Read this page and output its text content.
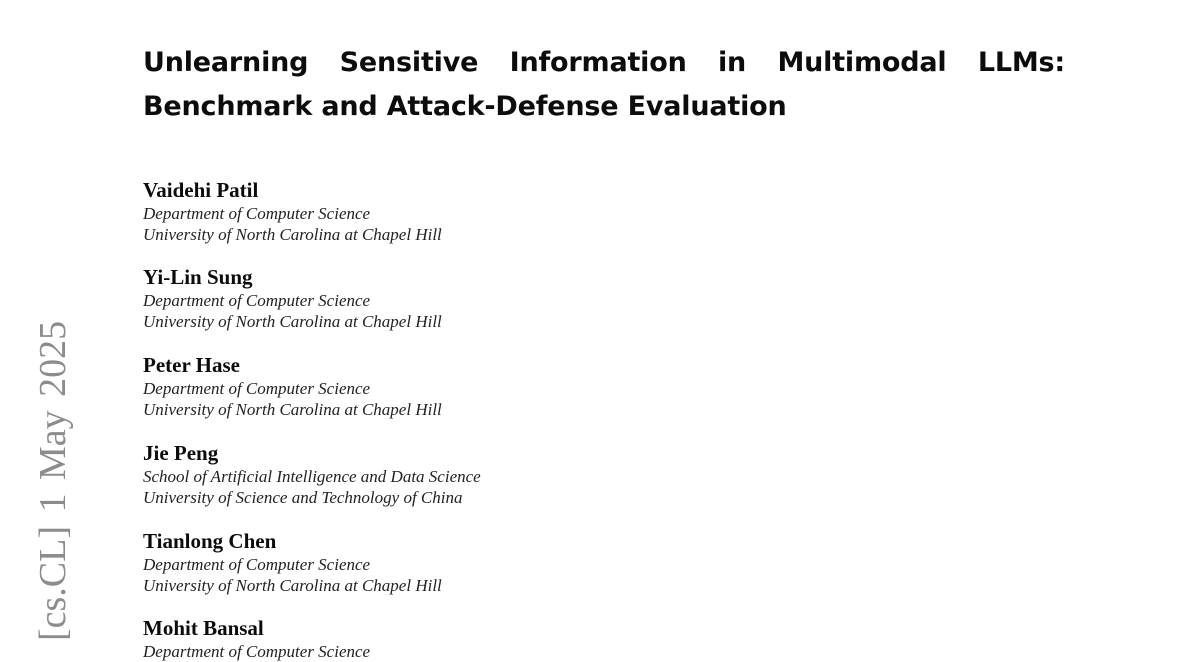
[cs.CL] 1 May 2025
Unlearning Sensitive Information in Multimodal LLMs:
Benchmark and Attack-Defense Evaluation
Vaidehi Patil
Department of Computer Science
University of North Carolina at Chapel Hill
Yi-Lin Sung
Department of Computer Science
University of North Carolina at Chapel Hill
Peter Hase
Department of Computer Science
University of North Carolina at Chapel Hill
Jie Peng
School of Artificial Intelligence and Data Science
University of Science and Technology of China
Tianlong Chen
Department of Computer Science
University of North Carolina at Chapel Hill
Mohit Bansal
Department of Computer Science
